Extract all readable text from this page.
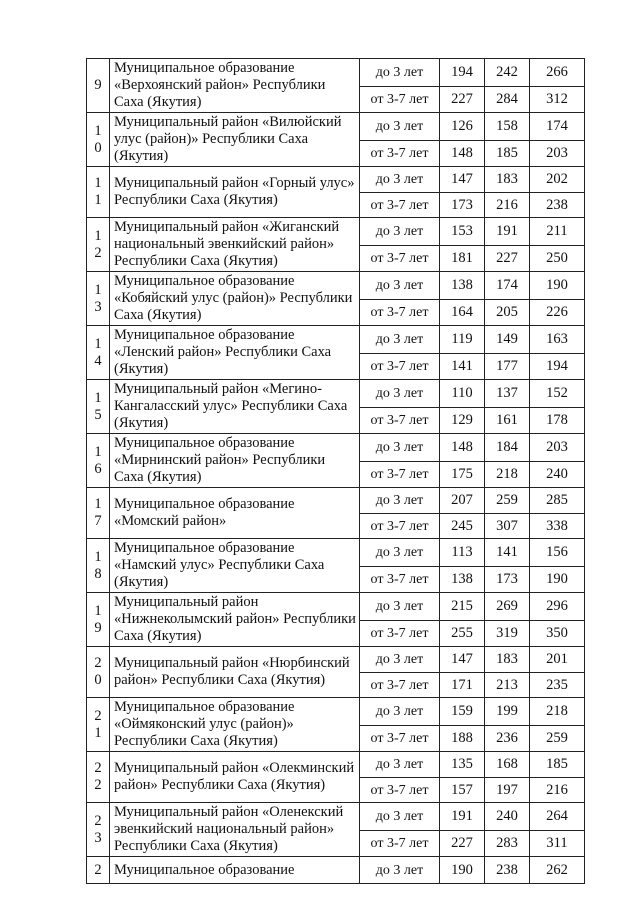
9	Муниципальное образование «Верхоянский район» Республики Саха (Якутия)	до 3 лет	194	242	266
		от 3-7 лет	227	284	312

10	Муниципальный район «Вилюйский улус (район)» Республики Саха (Якутия)	до 3 лет	126	158	174
		от 3-7 лет	148	185	203

11	Муниципальный район «Горный улус» Республики Саха (Якутия)	до 3 лет	147	183	202
		от 3-7 лет	173	216	238

12	Муниципальный район «Жиганский национальный эвенкийский район» Республики Саха (Якутия)	до 3 лет	153	191	211
		от 3-7 лет	181	227	250

13	Муниципальное образование «Кобяйский улус (район)» Республики Саха (Якутия)	до 3 лет	138	174	190
		от 3-7 лет	164	205	226

14	Муниципальное образование «Ленский район» Республики Саха (Якутия)	до 3 лет	119	149	163
		от 3-7 лет	141	177	194

15	Муниципальный район «Мегино-Кангаласский улус» Республики Саха (Якутия)	до 3 лет	110	137	152
		от 3-7 лет	129	161	178

16	Муниципальное образование «Мирнинский район» Республики Саха (Якутия)	до 3 лет	148	184	203
		от 3-7 лет	175	218	240

17	Муниципальное образование «Момский район»	до 3 лет	207	259	285
		от 3-7 лет	245	307	338

18	Муниципальное образование «Намский улус» Республики Саха (Якутия)	до 3 лет	113	141	156
		от 3-7 лет	138	173	190

19	Муниципальный район «Нижнеколымский район» Республики Саха (Якутия)	до 3 лет	215	269	296
		от 3-7 лет	255	319	350

20	Муниципальный район «Нюрбинский район» Республики Саха (Якутия)	до 3 лет	147	183	201
		от 3-7 лет	171	213	235

21	Муниципальное образование «Оймяконский улус (район)» Республики Саха (Якутия)	до 3 лет	159	199	218
		от 3-7 лет	188	236	259

22	Муниципальный район «Олекминский район» Республики Саха (Якутия)	до 3 лет	135	168	185
		от 3-7 лет	157	197	216

23	Муниципальный район «Оленекский эвенкийский национальный район» Республики Саха (Якутия)	до 3 лет	191	240	264
		от 3-7 лет	227	283	311

2	Муниципальное образование	до 3 лет	190	238	262
